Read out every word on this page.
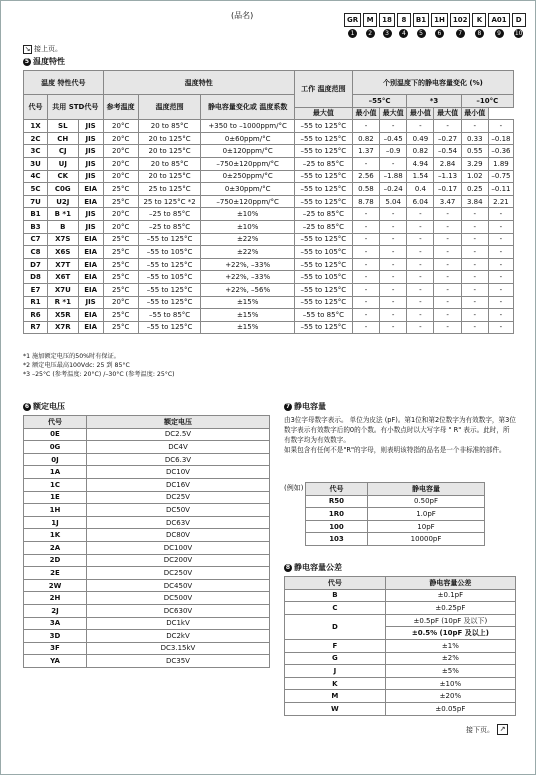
(品名)	GR
1
M
2
18
3
8
4
B1
5
1H
6
102
7
K
8
A01
9
D
10
↘ 接上页。
5 温度特性
温度 特性代号			温度特性			工作 温度范围	个别温度下的静电容量变化 (%)					

代号	共用 STD代号		参考温度	温度范围	静电容量变化或 温度系数		–55°C		*3		–10°C	
						最大值	最小值	最大值	最小值	最大值	最小值	
1X	SL	JIS	20°C	20 to 85°C	+350 to –1000ppm/°C	–55 to 125°C	-	-	-	-	-	-
2C	CH	JIS	20°C	20 to 125°C	0±60ppm/°C	–55 to 125°C	0.82	–0.45	0.49	–0.27	0.33	–0.18
3C	CJ	JIS	20°C	20 to 125°C	0±120ppm/°C	–55 to 125°C	1.37	–0.9	0.82	–0.54	0.55	–0.36
3U	UJ	JIS	20°C	20 to 85°C	–750±120ppm/°C	–25 to 85°C	-	-	4.94	2.84	3.29	1.89
4C	CK	JIS	20°C	20 to 125°C	0±250ppm/°C	–55 to 125°C	2.56	–1.88	1.54	–1.13	1.02	–0.75
5C	C0G	EIA	25°C	25 to 125°C	0±30ppm/°C	–55 to 125°C	0.58	–0.24	0.4	–0.17	0.25	–0.11
7U	U2J	EIA	25°C	25 to 125°C *2	–750±120ppm/°C	–55 to 125°C	8.78	5.04	6.04	3.47	3.84	2.21
B1	B *1	JIS	20°C	–25 to 85°C	±10%	–25 to 85°C	-	-	-	-	-	-
B3	B	JIS	20°C	–25 to 85°C	±10%	–25 to 85°C	-	-	-	-	-	-
C7	X7S	EIA	25°C	–55 to 125°C	±22%	–55 to 125°C	-	-	-	-	-	-
C8	X6S	EIA	25°C	–55 to 105°C	±22%	–55 to 105°C	-	-	-	-	-	-
D7	X7T	EIA	25°C	–55 to 125°C	+22%, –33%	–55 to 125°C	-	-	-	-	-	-
D8	X6T	EIA	25°C	–55 to 105°C	+22%, –33%	–55 to 105°C	-	-	-	-	-	-
E7	X7U	EIA	25°C	–55 to 125°C	+22%, –56%	–55 to 125°C	-	-	-	-	-	-
R1	R *1	JIS	20°C	–55 to 125°C	±15%	–55 to 125°C	-	-	-	-	-	-
R6	X5R	EIA	25°C	–55 to 85°C	±15%	–55 to 85°C	-	-	-	-	-	-
R7	X7R	EIA	25°C	–55 to 125°C	±15%	–55 to 125°C	-	-	-	-	-	-
*1 施加额定电压的50%时有保证。
*2 额定电压最高100Vdc: 25 到 85°C
*3 –25°C (参考温度: 20°C) /–30°C (参考温度: 25°C)
6 额定电压
代号	额定电压
0E	DC2.5V
0G	DC4V
0J	DC6.3V
1A	DC10V
1C	DC16V
1E	DC25V
1H	DC50V
1J	DC63V
1K	DC80V
2A	DC100V
2D	DC200V
2E	DC250V
2W	DC450V
2H	DC500V
2J	DC630V
3A	DC1kV
3D	DC2kV
3F	DC3.15kV
YA	DC35V
7 静电容量
由3位字母数字表示。 单位为皮法 (pF)。第1位和第2位数字为有效数字，第3位数字表示有效数字后的0的个数。有小数点时以大写字母 " R" 表示。此时，所有数字均为有效数字。
如果包含有任何不是"R"的字母，则表明该特指的品名是一个非标准的部件。
(例如)	代号	静电容量
R50	0.50pF
1R0	1.0pF
100	10pF
103	10000pF
8 静电容量公差
代号	静电容量公差
B	±0.1pF
C	±0.25pF
D	±0.5pF (10pF 及以下)
	±0.5% (10pF 及以上)
F	±1%
G	±2%
J	±5%
K	±10%
M	±20%
W	±0.05pF
接下页。 ↗
